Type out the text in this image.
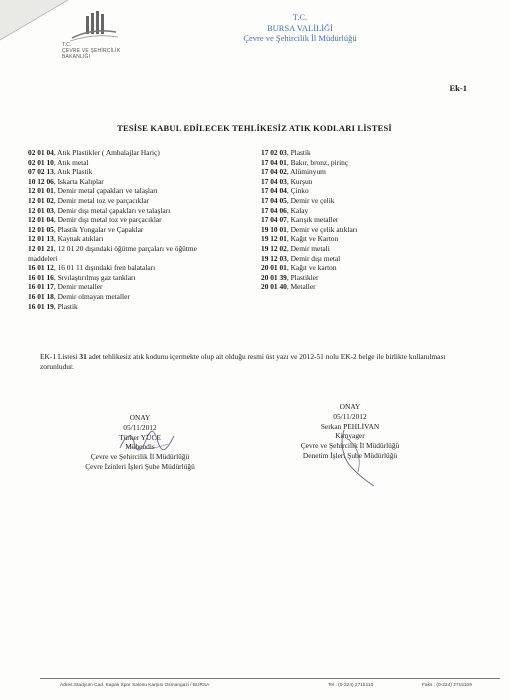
T.C.
ÇEVRE VE ŞEHİRCİLİK
BAKANLIĞI
T.C.
BURSA VALİLİĞİ
Çevre ve Şehircilik İl Müdürlüğü
Ek-1
TESİSE KABUL EDİLECEK TEHLİKESİZ ATIK KODLARI LİSTESİ
02 01 04, Atık Plastikler ( Ambalajlar Hariç)
02 01 10, Atık metal
07 02 13, Atık Plastik
10 12 06, Iskarta Kalıplar
12 01 01, Demir metal çapakları ve talaşları
12 01 02, Demir metal toz ve parçacıklar
12 01 03, Demir dışı metal çapakları ve talaşları
12 01 04, Demir dışı metal toz ve parçacıklar
12 01 05, Plastik Yongalar ve Çapaklar
12 01 13, Kaynak atıkları
12 01 21, 12 01 20 dışındaki öğütme parçaları ve öğütme
maddeleri
16 01 12, 16 01 11 dışındaki fren balataları
16 01 16, Sıvılaştırılmış gaz tankları
16 01 17, Demir metaller
16 01 18, Demir olmayan metaller
16 01 19, Plastik
17 02 03, Plastik
17 04 01, Bakır, bronz, pirinç
17 04 02, Alüminyum
17 04 03, Kurşun
17 04 04, Çinko
17 04 05, Demir ve çelik
17 04 06, Kalay
17 04 07, Karışık metaller
19 10 01, Demir ve çelik atıkları
19 12 01, Kağıt ve Karton
19 12 02, Demir metali
19 12 03, Demir dışı metal
20 01 01, Kağıt ve karton
20 01 39, Plastikler
20 01 40, Metaller
EK-1 Listesi 31 adet tehlikesiz atık kodunu içermekte olup ait olduğu resmi üst yazı ve 2012-51 nolu EK-2 belge ile birlikte kullanılması zorunludur.
ONAY
05/11/2012
Türker YÜCE
Mühendis
Çevre ve Şehircilik İl Müdürlüğü
Çevre İzinleri İşleri Şube Müdürlüğü
ONAY
05/11/2012
Serkan PEHLİVAN
Kimyager
Çevre ve Şehircilik İl Müdürlüğü
Denetim İşleri Şube Müdürlüğü
Adres:Stadyum Cad. Kapalı Spor Salonu Karşısı Osmangazi / BURSA	Tel : (0-224) 2715110	Faks : (0-224) 2715109
